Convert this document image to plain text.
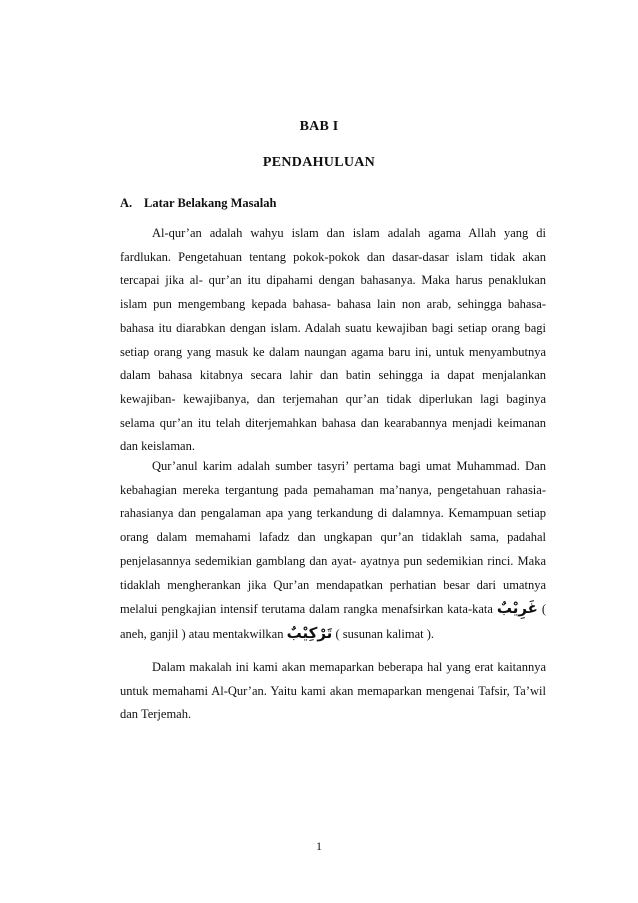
BAB I
PENDAHULUAN
A. Latar Belakang Masalah

Al-qur’an adalah wahyu islam dan islam adalah agama Allah yang di fardlukan. Pengetahuan tentang pokok-pokok dan dasar-dasar islam tidak akan tercapai jika al- qur’an itu dipahami dengan bahasanya. Maka harus penaklukan islam pun mengembang kepada bahasa- bahasa lain non arab, sehingga bahasa-bahasa itu diarabkan dengan islam. Adalah suatu kewajiban bagi setiap orang bagi setiap orang yang masuk ke dalam naungan agama baru ini, untuk menyambutnya dalam bahasa kitabnya secara lahir dan batin sehingga ia dapat menjalankan kewajiban- kewajibanya, dan terjemahan qur’an tidak diperlukan lagi baginya selama qur’an itu telah diterjemahkan bahasa dan kearabannya menjadi keimanan dan keislaman.

Qur’anul karim adalah sumber tasyri’ pertama bagi umat Muhammad. Dan kebahagian mereka tergantung pada pemahaman ma’nanya, pengetahuan rahasia-rahasianya dan pengalaman apa yang terkandung di dalamnya. Kemampuan setiap orang dalam memahami lafadz dan ungkapan qur’an tidaklah sama, padahal penjelasannya sedemikian gamblang dan ayat- ayatnya pun sedemikian rinci. Maka tidaklah mengherankan jika Qur’an mendapatkan perhatian besar dari umatnya melalui pengkajian intensif terutama dalam rangka menafsirkan kata-kata غَرِيْبٌ ( aneh, ganjil ) atau mentakwilkan تَرْكِيْبٌ ( susunan kalimat ).

Dalam makalah ini kami akan memaparkan beberapa hal yang erat kaitannya untuk memahami Al-Qur’an. Yaitu kami akan memaparkan mengenai Tafsir, Ta’wil dan Terjemah.

1
